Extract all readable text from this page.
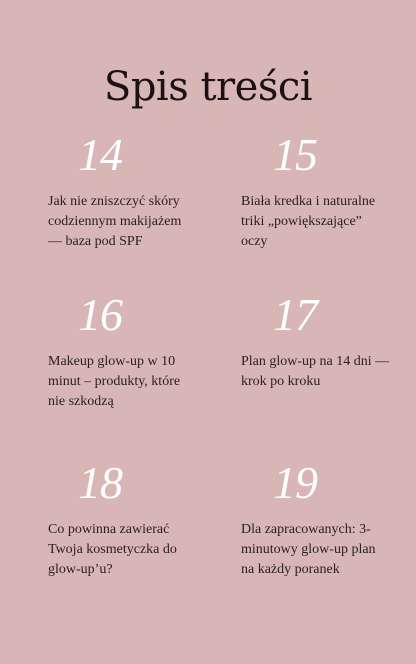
Spis treści
14
Jak nie zniszczyć skóry codziennym makijażem — baza pod SPF
15
Biała kredka i naturalne triki „powiększające” oczy
16
Makeup glow-up w 10 minut – produkty, które nie szkodzą
17
Plan glow-up na 14 dni — krok po kroku
18
Co powinna zawierać Twoja kosmetyczka do glow-up’u?
19
Dla zapracowanych: 3-minutowy glow-up plan na każdy poranek
